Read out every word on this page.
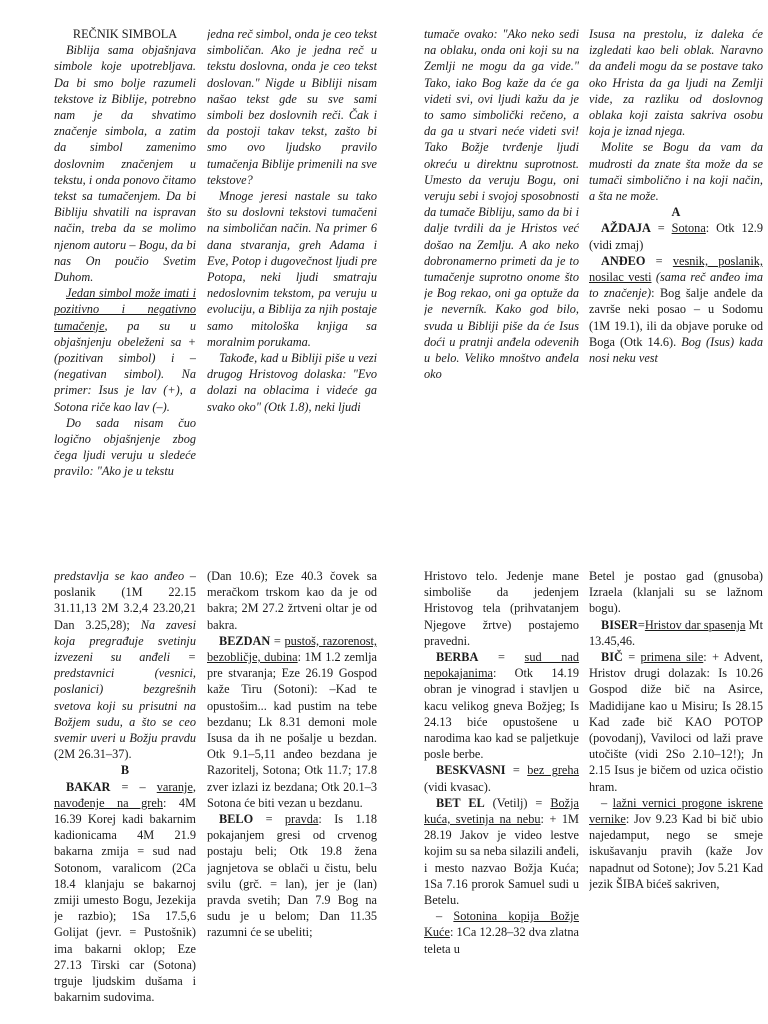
REČNIK SIMBOLA

Biblija sama objašnjava simbole koje upotrebljava. Da bi smo bolje razumeli tekstove iz Biblije, potrebno nam je da shvatimo značenje simbola, a zatim da simbol zamenimo doslovnim značenjem u tekstu, i onda ponovo čitamo tekst sa tumačenjem. Da bi Bibliju shvatili na ispravan način, treba da se molimo njenom autoru – Bogu, da bi nas On poučio Svetim Duhom.

Jedan simbol može imati i pozitivno i negativno tumačenje, pa su u objašnjenju obeleženi sa + (pozitivan simbol) i – (negativan simbol). Na primer: Isus je lav (+), a Sotona riče kao lav (–).

Do sada nisam čuo logično objašnjenje zbog čega ljudi veruju u sledeće pravilo: "Ako je u tekstu

jedna reč simbol, onda je ceo tekst simboličan. Ako je jedna reč u tekstu doslovna, onda je ceo tekst doslovan." Nigde u Bibliji nisam našao tekst gde su sve sami simboli bez doslovnih reči. Čak i da postoji takav tekst, zašto bi smo ovo ljudsko pravilo tumačenja Biblije primenili na sve tekstove?

Mnoge jeresi nastale su tako što su doslovni tekstovi tumačeni na simboličan način. Na primer 6 dana stvaranja, greh Adama i Eve, Potop i dugovečnost ljudi pre Potopa, neki ljudi smatraju nedoslovnim tekstom, pa veruju u evoluciju, a Biblija za njih postaje samo mitološka knjiga sa moralnim porukama.

Takođe, kad u Bibliji piše u vezi drugog Hristovog dolaska: "Evo dolazi na oblacima i videće ga svako oko" (Otk 1.8), neki ljudi

tumače ovako: "Ako neko sedi na oblaku, onda oni koji su na Zemlji ne mogu da ga vide." Tako, iako Bog kaže da će ga videti svi, ovi ljudi kažu da je to samo simbolički rečeno, a da ga u stvari neće videti svi! Tako Božje tvrđenje ljudi okreću u direktnu suprotnost. Umesto da veruju Bogu, oni veruju sebi i svojoj sposobnosti da tumače Bibliju, samo da bi i dalje tvrdili da je Hristos već došao na Zemlju. A ako neko dobronamerno primeti da je to tumačenje suprotno onome što je Bog rekao, oni ga optuže da je neverník. Kako god bilo, svuda u Bibliji piše da će Isus doći u pratnji anđela odevenih u belo. Veliko mnoštvo anđela oko

Isusa na prestolu, iz daleka će izgledati kao beli oblak. Naravno da anđeli mogu da se postave tako oko Hrista da ga ljudi na Zemlji vide, za razliku od doslovnog oblaka koji zaista sakriva osobu koja je iznad njega.

Molite se Bogu da vam da mudrosti da znate šta može da se tumači simbolično i na koji način, a šta ne može.

A

AŽDAJA = Sotona: Otk 12.9 (vidi zmaj)

ANĐEO = vesnik, poslanik, nosilac vesti (sama reč anđeo ima to značenje): Bog šalje anđele da završe neki posao – u Sodomu (1M 19.1), ili da objave poruke od Boga (Otk 14.6). Bog (Isus) kada nosi neku vest

predstavlja se kao anđeo – poslanik (1M 22.15 31.11,13 2M 3.2,4 23.20,21 Dan 3.25,28); Na zavesi koja pregrađuje svetinju izvezeni su anđeli = predstavnici (vesnici, poslanici) bezgrešnih svetova koji su prisutni na Božjem sudu, a što se ceo svemir uveri u Božju pravdu (2M 26.31–37).

B

BAKAR = – varanje, navođenje na greh: 4M 16.39 Korej kadi bakarnim kadionicama 4M 21.9 bakarna zmija = sud nad Sotonom, varalicom (2Ca 18.4 klanjaju se bakarnoj zmiji umesto Bogu, Jezekija je razbio); 1Sa 17.5,6 Golijat (jevr. = Pustošnik) ima bakarni oklop; Eze 27.13 Tirski car (Sotona) trguje ljudskim dušama i bakarnim sudovima.

(Dan 10.6); Eze 40.3 čovek sa meračkom trskom kao da je od bakra; 2M 27.2 žrtveni oltar je od bakra.

BEZDAN = pustoš, razorenost, bezobličje, dubina: 1M 1.2 zemlja pre stvaranja; Eze 26.19 Gospod kaže Tiru (Sotoni): –Kad te opustošim... kad pustim na tebe bezdanu; Lk 8.31 demoni mole Isusa da ih ne pošalje u bezdan. Otk 9.1–5,11 anđeo bezdana je Razoritelj, Sotona; Otk 11.7; 17.8 zver izlazi iz bezdana; Otk 20.1–3 Sotona će biti vezan u bezdanu.

BELO = pravda: Is 1.18 pokajanjem gresi od crvenog postaju beli; Otk 19.8 žena jagnjetova se oblači u čistu, belu svilu (grč. = lan), jer je (lan) pravda svetih; Dan 7.9 Bog na sudu je u belom; Dan 11.35 razumni će se ubeliti;

Hristovo telo. Jedenje mane simboliše da jedenjem Hristovog tela (prihvatanjem Njegove žrtve) postajemo pravedni.

BERBA = sud nad nepokajanima: Otk 14.19 obran je vinograd i stavljen u kacu velikog gneva Božjeg; Is 24.13 biće opustošene u narodima kao kad se paljetkuje posle berbe.

BESKVASNI = bez greha (vidi kvasac).

BET EL (Vetilj) = Božja kuća, svetinja na nebu: + 1M 28.19 Jakov je video lestve kojim su sa neba silazili anđeli, i mesto nazvao Božja Kuća; 1Sa 7.16 prorok Samuel sudi u Betelu.

– Sotonina kopija Božje Kuće: 1Ca 12.28–32 dva zlatna teleta u

Betel je postao gad (gnusoba) Izraela (klanjali su se lažnom bogu).

BISER=Hristov dar spasenja Mt 13.45,46.

BIČ = primena sile: + Advent, Hristov drugi dolazak: Is 10.26 Gospod diže bič na Asirce, Madidijane kao u Misiru; Is 28.15 Kad zađe bič KAO POTOP (povodanj), Vaviloci od laži prave utočište (vidi 2So 2.10–12!); Jn 2.15 Isus je bičem od uzica očistio hram.

– lažni vernici progone iskrene vernike: Jov 9.23 Kad bi bič ubio najedamput, nego se smeje iskušavanju pravih (kaže Jov napadnut od Sotone); Jov 5.21 Kad jezik ŠIBA bićeš sakriven,
